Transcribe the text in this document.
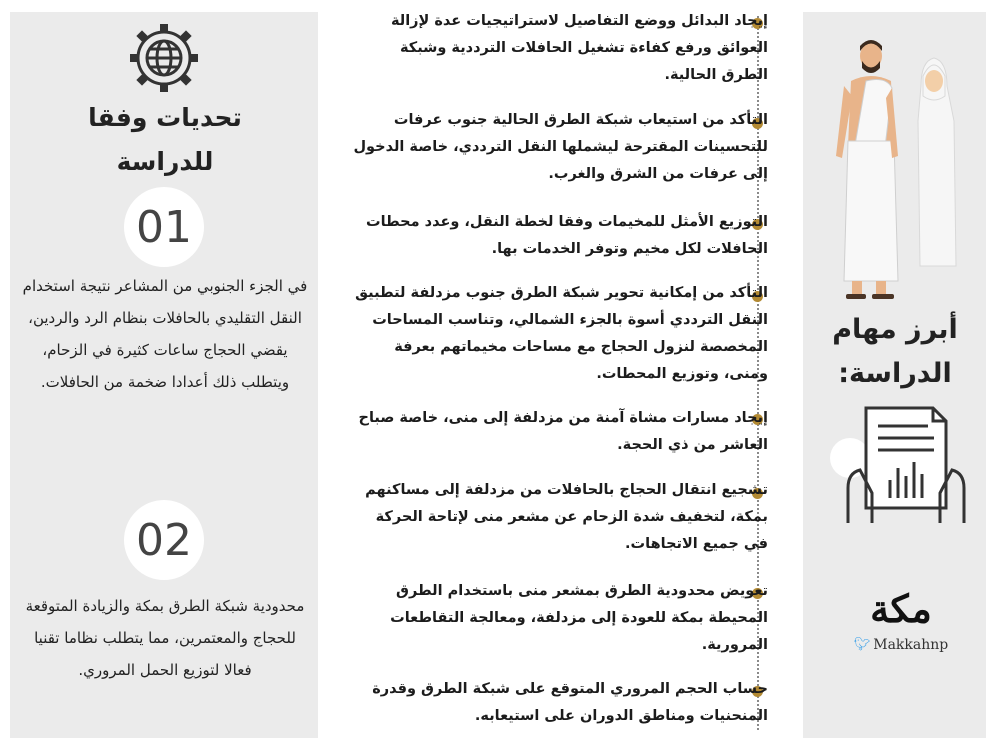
أبرز مهام الدراسة:
مكة
🐦︎ Makkahnp
إيجاد البدائل ووضع التفاصيل لاستراتيجيات عدة لإزالة العوائق ورفع كفاءة تشغيل الحافلات الترددية وشبكة الطرق الحالية.
التأكد من استيعاب شبكة الطرق الحالية جنوب عرفات للتحسينات المقترحة ليشملها النقل الترددي، خاصة الدخول إلى عرفات من الشرق والغرب.
التوزيع الأمثل للمخيمات وفقا لخطة النقل، وعدد محطات الحافلات لكل مخيم وتوفر الخدمات بها.
التأكد من إمكانية تحوير شبكة الطرق جنوب مزدلفة لتطبيق النقل الترددي أسوة بالجزء الشمالي، وتناسب المساحات المخصصة لنزول الحجاج مع مساحات مخيماتهم بعرفة ومنى، وتوزيع المحطات.
إيجاد مسارات مشاة آمنة من مزدلفة إلى منى، خاصة صباح العاشر من ذي الحجة.
تشجيع انتقال الحجاج بالحافلات من مزدلفة إلى مساكنهم بمكة، لتخفيف شدة الزحام عن مشعر منى لإتاحة الحركة في جميع الاتجاهات.
تعويض محدودية الطرق بمشعر منى باستخدام الطرق المحيطة بمكة للعودة إلى مزدلفة، ومعالجة التقاطعات المرورية.
حساب الحجم المروري المتوقع على شبكة الطرق وقدرة المنحنيات ومناطق الدوران على استيعابه.
تحديات وفقا للدراسة
01
في الجزء الجنوبي من المشاعر نتيجة استخدام النقل التقليدي بالحافلات بنظام الرد والردين، يقضي الحجاج ساعات كثيرة في الزحام، ويتطلب ذلك أعدادا ضخمة من الحافلات.
02
محدودية شبكة الطرق بمكة والزيادة المتوقعة للحجاج والمعتمرين، مما يتطلب نظاما تقنيا فعالا لتوزيع الحمل المروري.
